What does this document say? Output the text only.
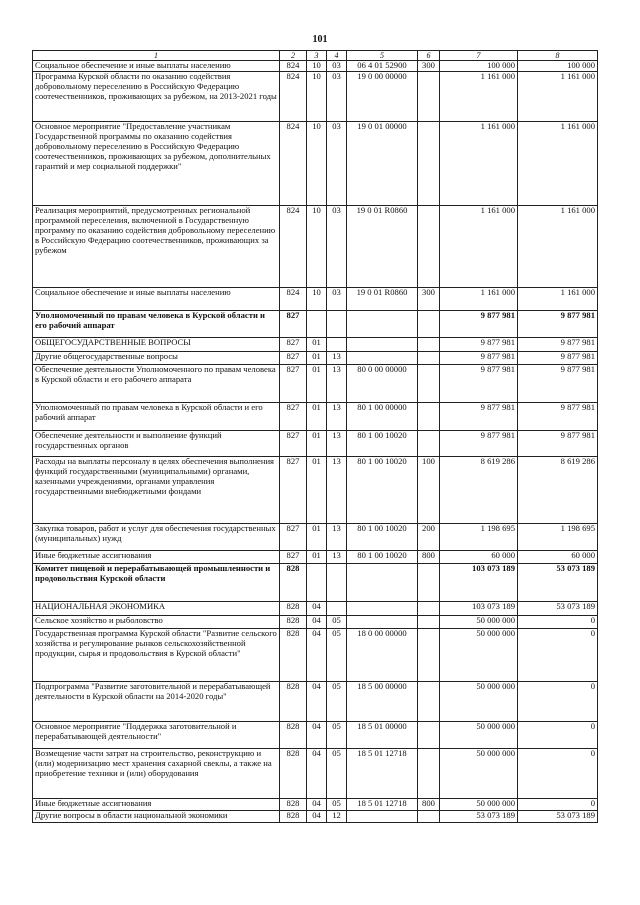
101
1	2	3	4	5	6	7	8
Социальное обеспечение и иные выплаты населению	824	10	03	06 4 01 52900	300	100 000	100 000
Программа Курской области по оказанию содействия добровольному переселению в Российскую Федерацию соотечественников, проживающих за рубежом, на 2013-2021 годы	824	10	03	19 0 00 00000		1 161 000	1 161 000
Основное мероприятие "Предоставление участникам Государственной программы по оказанию содействия добровольному переселению в Российскую Федерацию соотечественников, проживающих за рубежом, дополнительных гарантий и мер социальной поддержки"	824	10	03	19 0 01 00000		1 161 000	1 161 000
Реализация мероприятий, предусмотренных региональной программой переселения, включенной в Государственную программу по оказанию содействия добровольному переселению в Российскую Федерацию соотечественников, проживающих за рубежом	824	10	03	19 0 01 R0860		1 161 000	1 161 000
Социальное обеспечение и иные выплаты населению	824	10	03	19 0 01 R0860	300	1 161 000	1 161 000
Уполномоченный по правам человека в Курской области и его рабочий аппарат	827					9 877 981	9 877 981
ОБЩЕГОСУДАРСТВЕННЫЕ ВОПРОСЫ	827	01				9 877 981	9 877 981
Другие общегосударственные вопросы	827	01	13			9 877 981	9 877 981
Обеспечение деятельности Уполномоченного по правам человека в Курской области и его рабочего аппарата	827	01	13	80 0 00 00000		9 877 981	9 877 981
Уполномоченный по правам человека в Курской области и его рабочий аппарат	827	01	13	80 1 00 00000		9 877 981	9 877 981
Обеспечение деятельности и выполнение функций государственных органов	827	01	13	80 1 00 10020		9 877 981	9 877 981
Расходы на выплаты персоналу в целях обеспечения выполнения функций государственными (муниципальными) органами, казенными учреждениями, органами управления государственными внебюджетными фондами	827	01	13	80 1 00 10020	100	8 619 286	8 619 286
Закупка товаров, работ и услуг для обеспечения государственных (муниципальных) нужд	827	01	13	80 1 00 10020	200	1 198 695	1 198 695
Иные бюджетные ассигнования	827	01	13	80 1 00 10020	800	60 000	60 000
Комитет пищевой и перерабатывающей промышленности и продовольствия Курской области	828					103 073 189	53 073 189
НАЦИОНАЛЬНАЯ ЭКОНОМИКА	828	04				103 073 189	53 073 189
Сельское хозяйство и рыболовство	828	04	05			50 000 000	0
Государственная программа Курской области "Развитие сельского хозяйства и регулирование рынков сельскохозяйственной продукции, сырья и продовольствия в Курской области"	828	04	05	18 0 00 00000		50 000 000	0
Подпрограмма "Развитие заготовительной и перерабатывающей деятельности в Курской области на 2014-2020 годы"	828	04	05	18 5 00 00000		50 000 000	0
Основное мероприятие "Поддержка заготовительной и перерабатывающей деятельности"	828	04	05	18 5 01 00000		50 000 000	0
Возмещение части затрат на строительство, реконструкцию и (или) модернизацию мест хранения сахарной свеклы, а также на приобретение техники и (или) оборудования	828	04	05	18 5 01 12718		50 000 000	0
Иные бюджетные ассигнования	828	04	05	18 5 01 12718	800	50 000 000	0
Другие вопросы в области национальной экономики	828	04	12			53 073 189	53 073 189
